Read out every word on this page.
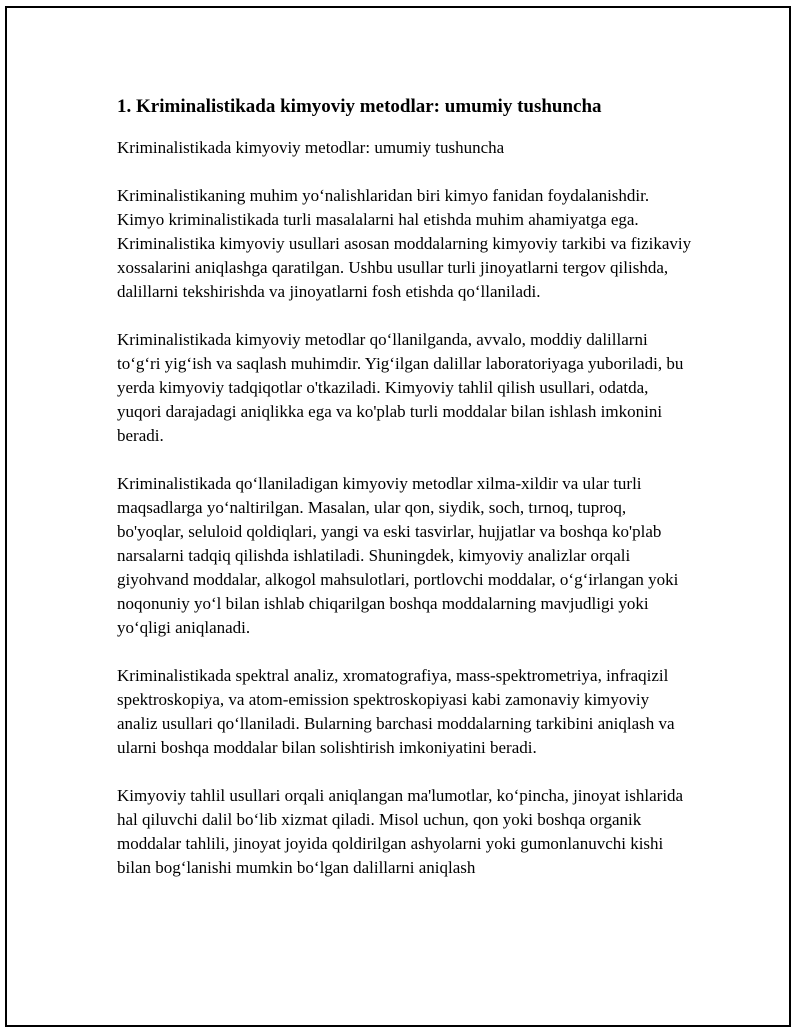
1. Kriminalistikada kimyoviy metodlar: umumiy tushuncha

Kriminalistikada kimyoviy metodlar: umumiy tushuncha

Kriminalistikaning muhim yo‘nalishlaridan biri kimyo fanidan foydalanishdir. Kimyo kriminalistikada turli masalalarni hal etishda muhim ahamiyatga ega. Kriminalistika kimyoviy usullari asosan moddalarning kimyoviy tarkibi va fizikaviy xossalarini aniqlashga qaratilgan. Ushbu usullar turli jinoyatlarni tergov qilishda, dalillarni tekshirishda va jinoyatlarni fosh etishda qo‘llaniladi.

Kriminalistikada kimyoviy metodlar qo‘llanilganda, avvalo, moddiy dalillarni to‘g‘ri yig‘ish va saqlash muhimdir. Yig‘ilgan dalillar laboratoriyaga yuboriladi, bu yerda kimyoviy tadqiqotlar o'tkaziladi. Kimyoviy tahlil qilish usullari, odatda, yuqori darajadagi aniqlikka ega va ko'plab turli moddalar bilan ishlash imkonini beradi.

Kriminalistikada qo‘llaniladigan kimyoviy metodlar xilma-xildir va ular turli maqsadlarga yo‘naltirilgan. Masalan, ular qon, siydik, soch, tırnoq, tuproq, bo'yoqlar, seluloid qoldiqlari, yangi va eski tasvirlar, hujjatlar va boshqa ko'plab narsalarni tadqiq qilishda ishlatiladi. Shuningdek, kimyoviy analizlar orqali giyohvand moddalar, alkogol mahsulotlari, portlovchi moddalar, o‘g‘irlangan yoki noqonuniy yo‘l bilan ishlab chiqarilgan boshqa moddalarning mavjudligi yoki yo‘qligi aniqlanadi.

Kriminalistikada spektral analiz, xromatografiya, mass-spektrometriya, infraqizil spektroskopiya, va atom-emission spektroskopiyasi kabi zamonaviy kimyoviy analiz usullari qo‘llaniladi. Bularning barchasi moddalarning tarkibini aniqlash va ularni boshqa moddalar bilan solishtirish imkoniyatini beradi.

Kimyoviy tahlil usullari orqali aniqlangan ma'lumotlar, ko‘pincha, jinoyat ishlarida hal qiluvchi dalil bo‘lib xizmat qiladi. Misol uchun, qon yoki boshqa organik moddalar tahlili, jinoyat joyida qoldirilgan ashyolarni yoki gumonlanuvchi kishi bilan bog‘lanishi mumkin bo‘lgan dalillarni aniqlash
